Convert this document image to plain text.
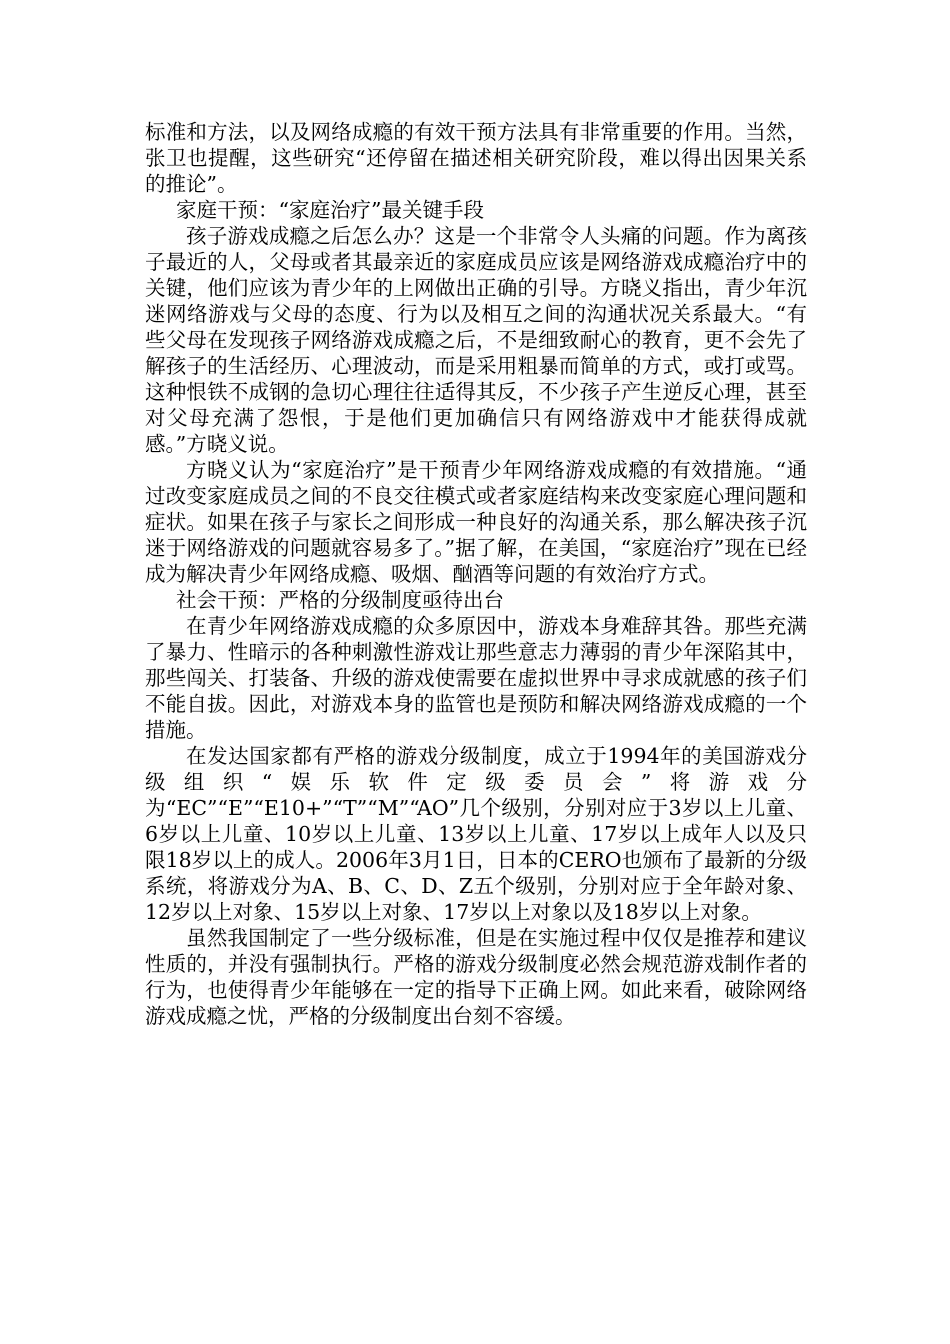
标准和方法，以及网络成瘾的有效干预方法具有非常重要的作用。当然，张卫也提醒，这些研究“还停留在描述相关研究阶段，难以得出因果关系的推论”。

家庭干预：“家庭治疗”最关键手段

孩子游戏成瘾之后怎么办？这是一个非常令人头痛的问题。作为离孩子最近的人，父母或者其最亲近的家庭成员应该是网络游戏成瘾治疗中的关键，他们应该为青少年的上网做出正确的引导。方晓义指出，青少年沉迷网络游戏与父母的态度、行为以及相互之间的沟通状况关系最大。“有些父母在发现孩子网络游戏成瘾之后，不是细致耐心的教育，更不会先了解孩子的生活经历、心理波动，而是采用粗暴而简单的方式，或打或骂。这种恨铁不成钢的急切心理往往适得其反，不少孩子产生逆反心理，甚至对父母充满了怨恨，于是他们更加确信只有网络游戏中才能获得成就感。”方晓义说。

方晓义认为“家庭治疗”是干预青少年网络游戏成瘾的有效措施。“通过改变家庭成员之间的不良交往模式或者家庭结构来改变家庭心理问题和症状。如果在孩子与家长之间形成一种良好的沟通关系，那么解决孩子沉迷于网络游戏的问题就容易多了。”据了解，在美国，“家庭治疗”现在已经成为解决青少年网络成瘾、吸烟、酗酒等问题的有效治疗方式。

社会干预：严格的分级制度亟待出台

在青少年网络游戏成瘾的众多原因中，游戏本身难辞其咎。那些充满了暴力、性暗示的各种刺激性游戏让那些意志力薄弱的青少年深陷其中，那些闯关、打装备、升级的游戏使需要在虚拟世界中寻求成就感的孩子们不能自拔。因此，对游戏本身的监管也是预防和解决网络游戏成瘾的一个措施。

在发达国家都有严格的游戏分级制度，成立于1994年的美国游戏分级组织“娱乐软件定级委员会”将游戏分为“EC”“E”“E10+”“T”“M”“AO”几个级别，分别对应于3岁以上儿童、6岁以上儿童、10岁以上儿童、13岁以上儿童、17岁以上成年人以及只限18岁以上的成人。2006年3月1日，日本的CERO也颁布了最新的分级系统，将游戏分为A、B、C、D、Z五个级别，分别对应于全年龄对象、12岁以上对象、15岁以上对象、17岁以上对象以及18岁以上对象。

虽然我国制定了一些分级标准，但是在实施过程中仅仅是推荐和建议性质的，并没有强制执行。严格的游戏分级制度必然会规范游戏制作者的行为，也使得青少年能够在一定的指导下正确上网。如此来看，破除网络游戏成瘾之忧，严格的分级制度出台刻不容缓。
